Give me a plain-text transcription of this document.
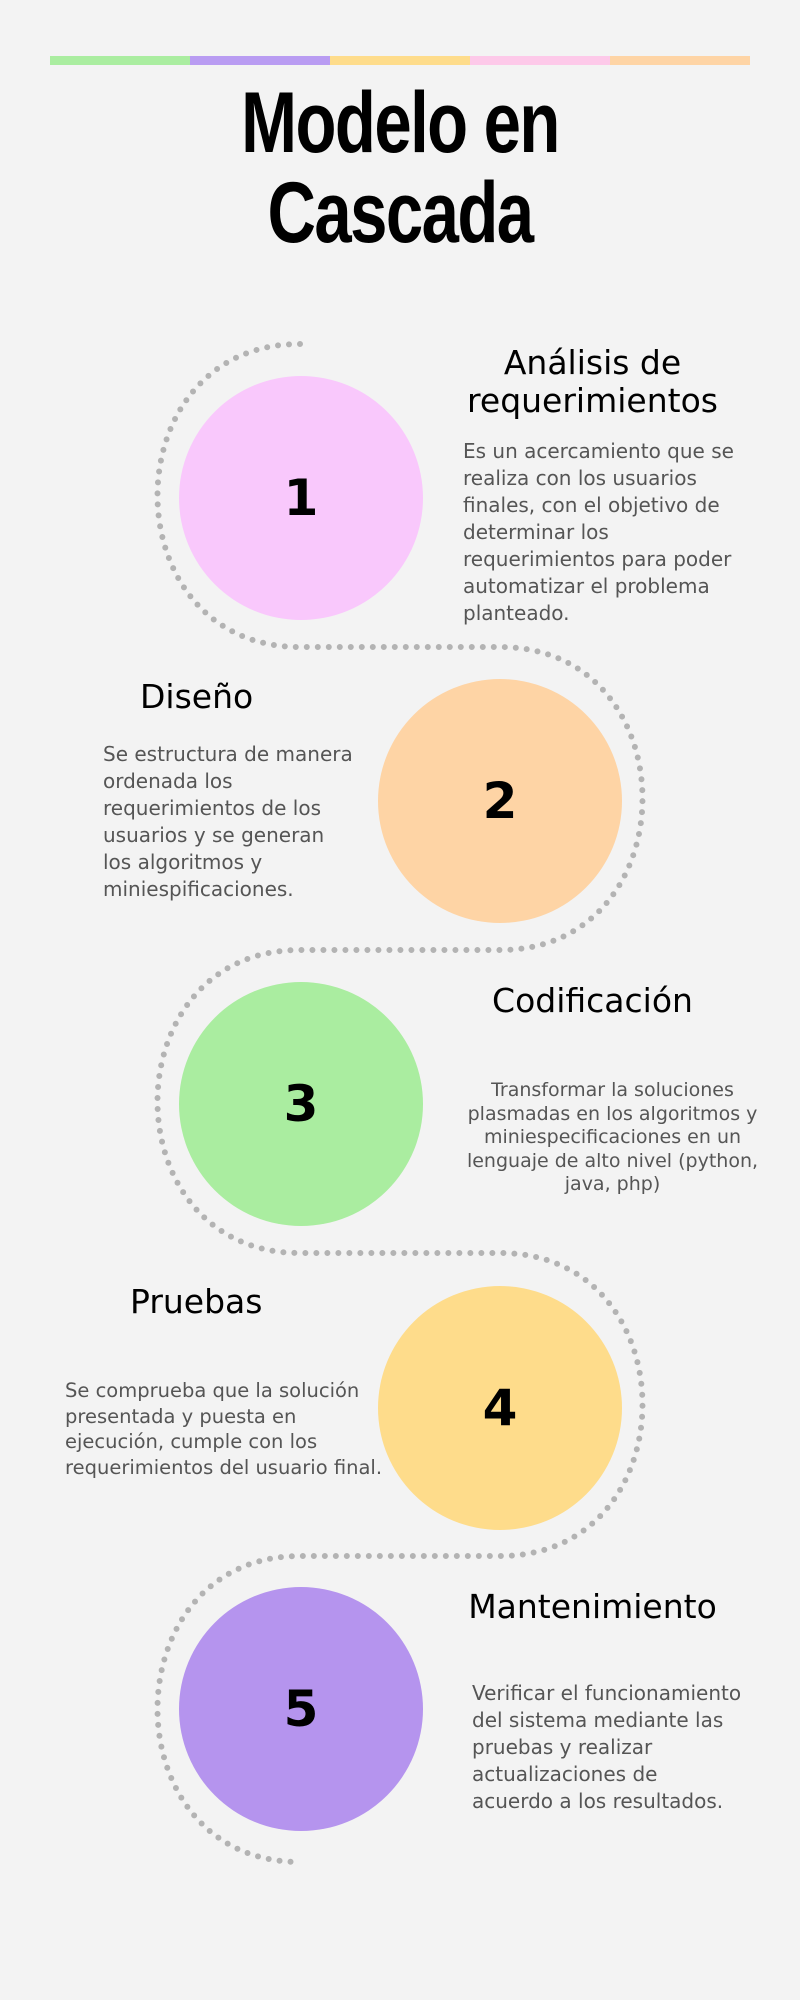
Modelo en
Cascada
1
Análisis de requerimientos

Es un acercamiento que se realiza con los usuarios finales, con el objetivo de determinar los requerimientos para poder automatizar el problema planteado.

2
Diseño

Se estructura de manera ordenada los requerimientos de los usuarios y se generan los algoritmos y miniespificaciones.

3
Codificación

Transformar la soluciones plasmadas en los algoritmos y miniespecificaciones en un lenguaje de alto nivel (python, java, php)

4
Pruebas

Se comprueba que la solución presentada y puesta en ejecución, cumple con los requerimientos del usuario final.

5
Mantenimiento

Verificar el funcionamiento del sistema mediante las pruebas y realizar actualizaciones de acuerdo a los resultados.
